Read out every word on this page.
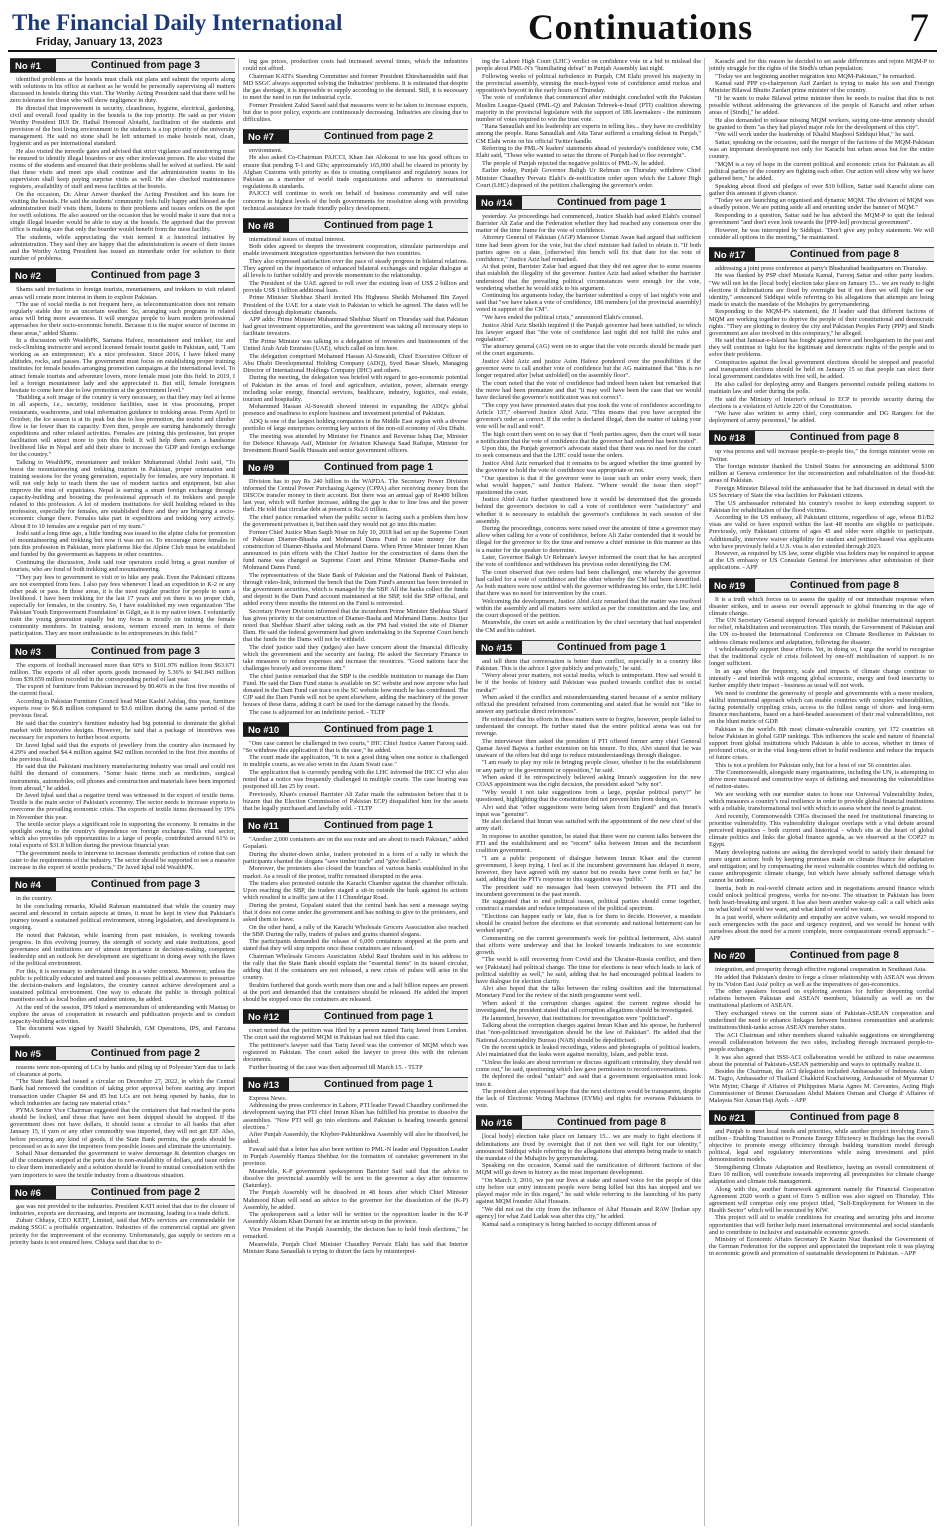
The Financial Daily International
Friday, January 13, 2023	Continuations	7
No #1	Continued from page 3

identified problems at the hostels must chalk out plans and submit the reports along with solutions in his office at earliest as he would be personally supervising all matters discussed in hostels during this visit. The Worthy Acting President said that there will be zero tolerance for those who will show negligence in duty.

He directed that improvement in security, cleanliness, hygiene, electrical, gardening, civil and overall food quality in the hostels is the top priority. He said as per vision Worthy President IIUI Dr. Hathal Homoud Alotaibi, facilitation of the students and provision of the best living environment to the students is a top priority of the university management. He said no stone shall be left unturned to make hostels neat, clean, hygienic and as per international standard.

He also visited the terrestle gates and advised that strict vigilance and monitoring must be ensured to identify illegal boarders or any other irrelevant person. He also visited the rooms of the students and ensured that their problems shall be solved at earliest. He said that these visits and meet ups shall continue and the administration teams in his supervision shall keep paying surprise visits as well. He also checked maintenance registers, availability of staff and mess facilities at the hostels.

On the occasion, Dr. Abrar Anwer thanked the Acting President and his team for visiting the hostels. He said the students' community feels fully happy and blessed as the administration itself visits them, listens to their problems and issues orders on the spot for swift solutions. He also assured on the occasion that he would make it sure that not a single illegal boarder would be able to stay at the hostels. He apprised that the provost office is making sure that only the boarder would benefit from the mess facility.

The students, while appreciating the visit termed it a historical initiative by administration. They said they are happy that the administration is aware of their issues and the Worthy Acting President has issued an immediate order for solution to their number of problems.

No #2	Continued from page 3

Shams said invitations to foreign tourists, mountaineers, and trekkers to visit related areas will create more interest in them to explore Pakistan.

"The use of social media is not frequent here, as telecommunication does not remain regularly stable due to an uncertain weather. So, arranging such programs in related areas will bring more awareness. It will energize people to learn modern professional approaches for their socio-economic benefit. Because it is the major source of income in these areas," added Shams.

In a discussion with WealthPK, Samana Hafeez, mountaineer and trekker, ice and rock-climbing instructor and second licensed female tourist guide in Pakistan, said, "I am working as an entrepreneur; it's a nice profession. Since 2016, I have hiked many altitudes, rocks, and passes. The government must focus on establishing proper training institutes for female besides arranging promotion campaigns at the international level. To attract female tourists and adventure lovers, more female must join this field. In 2019, I led a foreign mountaineer lady and she appreciated it. But still, female foreigners hesitate to come here due to low promotion at the government level."

"Building a soft image of the country is very necessary, so that they may feel at home in all aspects, i.e., security, residence facilities, ease in visa processing, proper restaurants, washrooms, and total information guidance to trekking areas. From April to October, the ice season is at its peak but due to less promotion, the tourist and climber flow is far lower than its capacity. Even then, people are earning handsomely through expeditions and other related activities. Females are joining this profession, but proper facilitation will attract more to join this field. It will help them earn a handsome livelihood like in Nepal and add their share to increase the GDP and foreign exchange for the country."

Talking to WealthPK, mountaineer and trekker Muhammad Abdul Joshi said, "To boost the mountaineering and trekking tourism in Pakistan, proper orientation and training sessions for the young generation, especially for females, are very important. It will not only help to teach them the use of modern tactics and equipment, but also improve the trust of expatriates. Nepal is earning a smart foreign exchange through capacity-building and boosting the professional approach of its trekkers and people related to this profession. A lot of modern institutions for skill building related to this profession, especially for females, are established there and they are bringing a socio-economic change there. Females take part in expeditions and trekking very actively. About 8 to 10 females are a regular part of my team."

Joshi said a long time ago, a little funding was issued to the alpine clubs for promotion of mountaineering and trekking but now it was not so. To encourage more females to join this profession in Pakistan, more platforms like the Alpine Club must be established and funded by the government as happens in other countries.

Continuing the discussion, Joshi said tour operators could bring a great number of tourists, who are fond of both trekking and mountaineering.

"They pay fees to government to visit or to hike any peak. Even the Pakistani citizens are not exempted from fees. I also pay fees whenever I lead an expedition to K-2 or any other peak or pass. In those areas, it is the most regular practice for people to earn a livelihood. I have been trekking for the last 17 years and yet there is no proper club, especially for females, in the country. So, I have established my own organization 'The Pakistan Youth Empowerment Foundation' in Gilgit, as it is my native town. I voluntarily train the young generation equally but my focus is mostly on training the female community members. In training sessions, women exceed men in terms of their participation. They are more enthusiastic to be entrepreneurs in this field."

No #3	Continued from page 3

The exports of football increased more than 60% to $101.976 million from $63.671 million. The exports of all other sports goods increased by 5.36% to $41.843 million from $39.659 million recorded in the corresponding period of last year.

The export of furniture from Pakistan increased by 80.46% in the first five months of the current fiscal.

According to Pakistan Furniture Council head Mian Kashif Ashfaq, this year, furniture exports rose to $6.8 million compared to $3.6 million during the same period of the previous fiscal.

He said that the country's furniture industry had big potential to dominate the global market with innovative designs. However, he said that a package of incentives was necessary for exporters to further boost exports.

Dr Javed Iqbal said that the exports of jewellery from the country also increased by 4.29% and reached $4.4 million against $42 million recorded in the first five months of the previous fiscal.

He said that the Pakistani machinery manufacturing industry was small and could not fulfil the demand of consumers. "Some basic items such as medicines, surgical instruments, automobiles, cell phones and construction and materials have been imported from abroad," he added.

Dr Javed Iqbal said that a negative trend was witnessed in the export of textile items. Textile is the main sector of Pakistan's economy. The sector needs to increase exports to overcome the prevailing economic crisis. The exports of textile items decreased by 19% in November this year.

The textile sector plays a significant role in supporting the economy. It remains in the spotlight owing to the country's dependence on foreign exchange. This vital sector, which also provides job opportunities to a large of people, contributed around 61% to total exports of $31.8 billion during the previous financial year.

"The government needs to intervene to increase domestic production of cotton that can cater to the requirements of the industry. The sector should be supported to see a massive increase in the export of textile products," Dr Javed Iqbal told WealthPK.

No #4	Continued from page 3

in the country.

In the concluding remarks, Khalid Rahman maintained that while the country may ascend and descend in certain aspects at times, it must be kept in view that Pakistan's journey toward a sustained political environment, strong legislation, and development is ongoing.

He noted that Pakistan, while learning from past mistakes, is working towards progress. In this evolving journey, the strength of society and state institutions, good governance and institutions are of utmost importance in decision-making, competent leadership and an outlook for development are significant in doing away with the flaws of the political environment.

For this, it is necessary to understand things in a wider context. Moreover, unless the public is politically educated and trained and possesses political awareness to pressurize the decision-makers and legislators, the country cannot achieve development and a sustained political environment. One way to educate the public is through political manifesto such as local bodies and student unions, he added.

At the end of the session, IPS inked a memorandum of understanding with Mantaq to explore the areas of cooperation in research and publication projects and to conduct capacity-building activities.

The document was signed by Naufil Shahrukh, GM Operations, IPS, and Farzana Yaqoob.

No #5	Continued from page 2

reasons were non-opening of LCs by banks and piling up of Polyester Yarn due to lack of clearance at ports.

"The State Bank had issued a circular on December 27, 2022, in which the Central Bank had removed the condition of taking prior approval before starting any import transaction under Chapter 84 and 85 but LCs are not being opened by banks, due to which industries are facing raw material crisis."

PYMA Senior Vice Chairman suggested that the containers that had reached the ports should be locked, and those that have not been shipped should be stopped. If the government does not have dollars, it should issue a circular to all banks that after January 15, if yarn or any other commodity was imported, they will not get EIF. Also, before procuring any kind of goods, if the State Bank permits, the goods should be processed so as to save the importers from possible losses and eliminate the uncertainty.

Sohail Nisar demanded the government to waive demurrage & detention charges on all the containers stopped at the ports due to non-availability of dollars, and issue orders to clear them immediately and a solution should be found to mutual consultation with the yarn importers to save the textile industry from a disastrous situation.

No #6	Continued from page 2

gas was not provided to the industries. President KATI noted that due to the closure of industries, exports are decreasing, and imports are increasing, leading to a trade deficit.

Zubair Chhaya, CEO KETF, Limited, said that MD's services are commendable for making SSGC a profitable organization. Industries of the commercial capital are given priority for the improvement of the economy. Unfortunately, gas supply to sectors on a priority basis is not ensured here. Chhaya said that due to ri-

ing gas prices, production costs had increased several times, which the industries could not afford.

Chairman KATI's Standing Committee and former President Ehteshamuddin said that MD SSGC always supported solving the Industries' problems. It is estimated that despite the gas shortage, it is impossible to supply according to the demand. Still, it is necessary to meet the need to run the industrial cycle.

Former President Zahid Saeed said that measures were to be taken to increase exports, but due to poor policy, exports are continuously decreasing. Industries are closing due to difficulties.

No #7	Continued from page 2

environment.

He also asked Co-Chairman PAJCCI, Khan Jan Alokozai to use his good offices to ensure that pending T-1 and GDs; approximately 165,000 shall be cleared in priority by Afghan Customs with priority as this is creating compliance and regulatory issues for Pakistan as a member of world trade organizations and adheres to international regulations & standards.

PAJCCI will continue to work on behalf of business community and will raise concerns to highest levels of the both governments for resolution along with providing technical assistance for trade friendly policy development.

No #8	Continued from page 1

international issues of mutual interest.

Both sides agreed to deepen the investment cooperation, stimulate partnerships and enable investment integration opportunities between the two countries.

They also expressed satisfaction over the pace of steady progress in bilateral relations. They agreed on the importance of enhanced bilateral exchanges and regular dialogue at all levels to further solidify and provide momentum to the relationship.

The President of the UAE agreed to roll over the existing loan of US$ 2 billion and provide US$ 1 billion additional loan.

Prime Minister Shehbaz Sharif invited His Highness Sheikh Mohamed Bin Zayed President of the UAE for a state visit to Pakistan to which he agreed. The dates will be decided through diplomatic channels.

APP adds: Prime Minister Muhammad Shehbaz Sharif on Thursday said that Pakistan had great investment opportunities, and the government was taking all necessary steps to facilitate investors.

The Prime Minister was talking to a delegation of investors and businessmen of the United Arab Arab Emirates (UAE), which called on him here.

The delegation comprised Mohamed Hassan Al-Suwaidi, Chief Executive Officer of Abu Dhabi Developmental Holding Company (ADQ), Syed Basar Shueb, Managing Director of International Holdings Company (IHC) and others.

During the meeting, the delegation was briefed with regard to geo-economic potential of Pakistan in the areas of food and agriculture, aviation, power, alternate energy including solar energy, financial services, healthcare, industry, logistics, real estate, tourism and hospitality.

Mohammed Hassan Al-Suwaidi showed interest in expanding the ADQ's global presence and readiness to explore business and investment potential of Pakistan.

ADQ is one of the largest holding companies in the Middle East region with a diverse portfolio of large enterprises covering key sectors of the non-oil economy of Abu Dhabi.

The meeting was attended by Minister for Finance and Revenue Ishaq Dar, Minister for Defence Khawaja Asif, Minister for Aviation Khawaja Saad Rafique, Minister for Investment Board Saalik Hussain and senior government officers.

No #9	Continued from page 1

Division has to pay Rs 240 billion to the WAPDA. The Secretary Power Division informed the Central Power Purchasing Agency (CPPA) after receiving money from the DISCOs transfer money in their account. But there was an annual gap of Rs400 billion last year, which will further increase, adding the gap is due to line loss and the power theft. He told that circular debt at present is Rs2.6 trillion.

The chief justice remarked when the public sector is facing such a problem then how the government privatises it, but then said they would not go into this matter.

Former Chief Justice Mian Saqib Nisar on July 10, 2018 had set up the Supreme Court of Pakistan Diamer-Bhasha and Mohmand Dams Fund to raise money for the construction of Diamer-Bhasha and Mohmand Dams. When Prime Minister Imran Khan announced to join efforts with the Chief Justice for the construction of dams then the fund name was changed as Supreme Court and Prime Minister Diamer-Basha and Mohmand Dams Fund.

The representatives of the State Bank of Pakistan and the National Bank of Pakistan, through video-link, informed the bench that the Dam Fund's amount has been invested in the government securities, which is managed by the SBP. All the banks collect the funds and deposit in the Dam Fund account maintained at the SBP, told the SBP official, and added every three months the interest on the Fund is reinvested.

Secretary Power Division informed that the incumbent Prime Minister Shehbaz Sharif has given priority to the construction of Diamer-Basha and Mohmand Dams. Justice Ijaz noted that Shehbaz Sharif after taking oath as the PM had visited the site of Diamer Dam. He said the federal government had given undertaking to the Supreme Court bench that the funds for the Dams will not be withheld.

The chief justice said they (judges) also have concern about the financial difficulty which the government and the security are facing. He asked the Secretary Finance to take measures to reduce expenses and increase the resources. "Good nations face the challenges bravely and overcome them."

The chief justice remarked that the SBP is the credible institution to manage the Dam Fund. He said the Dam Fund status is available on SC website and now anyone who had donated in the Dam Fund can trace on the SC website how much he has contributed. The CJP said the Dam Funds will not be spent elsewhere, adding the machinery of the power houses of these dams, adding it can't be used for the damage caused by the floods.

The case is adjourned for an indefinite period. - TLTP

No #10	Continued from page 1

"One case cannot be challenged in two courts," IHC Chief Justice Aamer Farooq said. "So withdraw this application if that is the case," he added.

The court made the application, "It is not a good thing when one notice is challenged in multiple courts, as we also wrote in the Azam Swati case."

The application that is currently pending with the LHC informed the IHC CJ who also noted that a notice was frequently challenged in multiple courts. The case hearing was postponed till Jan 25 by court.

Previously, Khan's counsel Barrister Ali Zafar made the submission before that it is bizarre that the Election Commission of Pakistan ECP) disqualified him for the assets that he legally purchased and lawfully sold. - TLTP

No #11	Continued from page 1

"Another 2,000 containers are on the sea route and are about to reach Pakistan," added Gopalani.

During the shutter-down strike, traders protested in a form of a rally in which the participants chanted the slogans "save timber trade" and "give dollars".

Moreover, the protesters also closed the branches of various banks established in the market. As a result of the protest, traffic remained disrupted in the area.

The traders also protested outside the Karachi Chamber against the chamber officials. Upon reaching the SBP, the traders staged a sit-in outside the bank against its actions which resulted in a traffic jam at the I I Chundrigar Road.

During the protest, Gopalani stated that the central bank has sent a message saying that it does not come under the government and has nothing to give to the protesters, and asked them to leave.

On the other hand, a rally of the Karachi Wholesale Grocers Association also reached the SBP. During the rally, traders of pulses and grains chanted slogans.

The participants demanded the release of 6,000 containers stopped at the ports and stated that they will stop imports once these containers are released.

Chairman Wholesale Grocers Association Abdul Rauf Ibrahim said in his address to the rally that the State Bank should explain the "essential items" in its issued circular, adding that if the containers are not released, a new crisis of pulses will arise in the country.

Ibrahim furthered that goods worth more than one and a half billion rupees are present at the port and demanded that the containers should be released. He added the import should be stopped once the containers are released.

No #12	Continued from page 1

court noted that the petition was filed by a person named Tariq Javed from London. The court said the registered MQM in Pakistan had not filed this case.

The petitioner's lawyer said that Tariq Javed was the convenor of MQM which was registered in Pakistan. The court asked the lawyer to prove this with the relevant documents.

Further hearing of the case was then adjourned till March 15. - TLTP

No #13	Continued from page 1

Express News.

Addressing the press conference in Lahore, PTI leader Fawad Chaudhry confirmed the development saying that PTI chief Imran Khan has fulfilled his promise to dissolve the assemblies. "Now PTI will go into elections and Pakistan is heading towards general elections."

After Punjab Assembly, the Khyber-Pakhtunkhwa Assembly will also be dissolved, he added.

Fawad said that a letter has also been written to PML-N leader and Opposition Leader in Punjab Assembly Hamza Shehbaz for the formation of caretaker government in the province.

Meanwhile, K-P government spokesperson Barrister Saif said that the advice to dissolve the provincial assembly will be sent to the governor a day after tomorrow (Saturday).

The Punjab Assembly will be dissolved in 48 hours after which Chief Minister Mahmood Khan will send an advice to the governor for the dissolution of the (K-P) Assembly, he added.

The spokesperson said a letter will be written to the opposition leader in the K-P Assembly Akram Khan Durrani for an interim set-up in the province.

Vice President of the Punjab Assembly, the decision has to hold fresh elections," he remarked.

Meanwhile, Punjab Chief Minister Chaudhry Pervaiz Elahi has said that Interior Minister Rana Sanaullah is trying to distort the facts by misinterpret-

ing the Lahore High Court (LHC) verdict on confidence vote in a bid to mislead the people about PML-N's "humiliating defeat" in Punjab Assembly last night.

Following weeks of political turbulence in Punjab, CM Elahi proved his majority in the provincial assembly, winning the much-hyped vote of confidence amid ruckus and opposition's boycott in the early hours of Thursday.

The vote of confidence that commenced after midnight concluded with the Pakistan Muslim League-Quaid (PML-Q) and Pakistan Tehreek-e-Insaf (PTI) coalition showing majority in the provincial legislature with the support of 186 lawmakers - the minimum number of votes required to win the trust vote.

"Rana Sanaullah and his leadership are experts in telling lies... they have no credibility among the people. Rana Sanaullah and Atta Tarar suffered a crushing defeat in Punjab," CM Elahi wrote on his official Twitter handle.

Referring to the PML-N leaders' statements ahead of yesterday's confidence vote, CM Elahi said, "Those who wanted to seize the throne of Punjab had to flee overnight".

The people of Punjab rejected the negative politics of PML-N, he added.

Earlier today, Punjab Governor Baligh Ur Rehman on Thursday withdrew Chief Minister Chaudhry Pervaiz Elahi's de-notification order upon which the Lahore High Court (LHC) disposed of the petition challenging the governor's order.

No #14	Continued from page 1

yesterday. As proceedings had commenced, Justice Shaikh had asked Elahi's counsel Barrister Ali Zafar and the Federation whether they had reached any consensus over the matter of the time frame for the vote of confidence.

Attorney General of Pakistan (AGP) Mansoor Usman Awan had argued that sufficient time had been given for the vote, but the chief minister had failed to obtain it. "If both parties agree on a date, [otherwise] this bench will fix that date for the vote of confidence," Justice Aziz had remarked.

At that point, Barrister Zafar had argued that they did not agree due to some reasons that establish the illegality of the governor. Justice Aziz had asked whether the barrister understood that the prevailing political circumstances were enough for the vote, wondering whether he would stick to his argument.

Continuing his arguments today, the barrister submitted a copy of last night's vote and said that "we have taken a vote of confidence, 186 members [of the provincial assembly] voted in support of the CM".

"We have ended the political crisis," announced Elahi's counsel.

Justice Abid Aziz Sheikh inquired if the Punjab governor had been satisfied, to which his lawyer argued that "the vote of confidence last night did not fulfil the rules and regulations".

The attorney general (AG) went on to argue that the vote records should be made part of the court arguments.

Justice Abid Aziz and justice Asim Hafeez pondered over the possibilities if the governor were to call another vote of confidence but the AG maintained that "this is no longer required after [what unfolded] on the assembly floor".

The court noted that the vote of confidence had indeed been taken but remarked that the move had been premature and that "it may well have been the case that we would have declared the governor's notification was not correct".

"The copy you have presented states that you took the vote of confidence according to Article 137," observed Justice Abid Aziz. "This means that you have accepted the governor's order as correct. If the order is declared illegal, then the matter of taking your vote will be null and void".

The high court then went on to say that if "both parties agree, then the court will issue a notification that the vote of confidence that the governor had ordered has been tested".

Upon this, the Punjab governor's advocate stated that there was no need for the court to seek consensus and that the LHC could issue the orders.

Justice Abid Aziz remarked that it remains to be argued whether the time granted by the governor to hold the vote of confidence was appropriate or not.

"Our question is that if the governor were to issue such an order every week, then what would happen," said Justice Hafeez. "Where would the issue then stop?" questioned the court.

Justice Abid Aziz further questioned how it would be determined that the grounds behind the governor's decision to call a vote of confidence were "satisfactory" and whether it is necessary to establish the governor's confidence in each session of the assembly.

During the proceedings, concerns were raised over the amount of time a governor may allow when calling for a vote of confidence, before Ali Zafar contended that it would be illegal for the governor to fix the time and remove a chief minister in this manner as this is a matter for the speaker to determine.

Later, Governor Baligh Ur Rehman's lawyer informed the court that he has accepted the vote of confidence and withdrawn his previous order denotifying the CM.

The court observed that two orders had been challenged, one whereby the governor had called for a vote of confidence and the other whereby the CM had been denotified. As both matters were now settled with the governor withdrawing his order, the LHC held that there was no need for intervention by the court.

Welcoming the development, Justice Abid Aziz remarked that the matter was resolved within the assembly and all matters were settled as per the constitution and the law, and the court disposed of the petition.

Meanwhile, the court set aside a notification by the chief secretary that had suspended the CM and his cabinet.

No #15	Continued from page 1

and tell them that conversation is better than conflict, especially in a country like Pakistan. This is the advice I give publicly and privately," he said.

"Worry about your matters, not social media, which is unimportant. How sad would it be if the books of history said Pakistan was pushed towards conflict due to social media?"

When asked if the conflict and misunderstanding started because of a senior military official the president refrained from commenting and stated that he would not "like to answer any particular direct references".

He reiterated that his efforts in these matters were to forgive, however, people failed to understand the concept. He further stated that the entire political arena was out for revenge.

The interviewer then asked the president if PTI offered former army chief General Qamar Javed Bajwa a further extension on his tenure. To this, Alvi stated that he was unaware of the offers but did urge to reduce misunderstandings through dialogue.

"I am ready to play my role in bringing people closer, whether it be the establishment or any party or the government or opposition," he said.

When asked if he retrospectively believed asking Imran's suggestion for the new COAS appointment was the right decision, the president asked "why not".

"Why would I not take suggestions from a large, popular political party?" he questioned, highlighting that the constitution did not prevent him from doing so.

Alvi said that "other suggestions were being taken from England" and that Imran's input was "genuine".

He also declared that Imran was satisfied with the appointment of the new chief of the army staff.

In response to another question, he stated that there were no current talks between the PTI and the establishment and no "recent" talks between Imran and the incumbent coalition government.

"I am a public proponent of dialogue between Imran Khan and the current government, I keep trying. I feel as if the incumbent government has delayed it more, however, they have agreed with my stance but no results have come forth so far," he said, adding that the PTI's response to this suggestion was "public."

The president said no messages had been conveyed between the PTI and the incumbent government in the past month.

He suggested that to end political issues, political parties should come together, construct a mandate and reduce temperatures of the political spectrum.

"Elections can happen early or late, that is for them to decide. However, a mandate should be created before the elections so that economic and national betterment can be worked upon".

Commenting on the current government's work for political betterment, Alvi stated that efforts were underway and that he looked towards indicators to see economic growth.

"The world is still recovering from Covid and the Ukraine-Russia conflict, and then we [Pakistan] had political change. The time for elections is near which leads to lack of political stability as well," he said, adding that he had encouraged political leaders to have dialogue for election clarity.

Alvi also hoped that the talks between the ruling coalition and the International Monetary Fund for the review of the ninth programme went well.

When asked if the corruption charges against the current regime should be investigated, the president stated that all corruption allegations should be investigated.

He lamented, however, that institutions for investigation were "politicised".

Talking about the corruption charges against Imran Khan and his spouse, he furthered that "non-politicised investigation should be the law of Pakistan". He added that the National Accountability Bureau (NAB) should be depoliticised.

On the recent uptick in leaked recordings, videos and photographs of political leaders, Alvi maintained that the leaks were against morality, Islam, and public trust.

"Unless the leaks are about terrorism or discuss significant criminality, they should not come out," he said, questioning which law gave permission to record conversations.

He deplored the ordeal "unfair" and said that a government organisation must look into it.

The president also expressed hope that the next elections would be transparent, despite the lack of Electronic Voting Machines (EVMs) and rights for overseas Pakistanis to vote.

No #16	Continued from page 8

[local body] election take place on January 15... we are ready to fight elections if delimitations are fixed by overnight that if not then we will fight for our identity," announced Siddiqui while referring to the allegations that attempts being made to snatch the mandate of the Muhajirs by gerrymandering.

Speaking on the occasion, Kamal said the ramification of different factions of the MQM will go down in history as the most important development.

"On March 3, 2016, we put our lives at stake and raised voice for the people of this city before our entry innocent people were being killed but this has stopped and we played major role in this regard," he said while referring to the launching of his party against MQM founder Altaf Hussain.

"We did not eat the city from the influence of Altaf Hussain and RAW [Indian spy agency] for what Zaid Ladak was after this city," he added.

Kamal said a conspiracy is being hatched to occupy different areas of

Karachi and for this reason he decided to set aside differences and rejoin MQM-P to jointly struggle for the rights of the Sindh's urban population.

"Today we are beginning another migration into MQM-Pakistan," he remarked.

Kamal said PPP co-chairperson Asif Zardari is trying to make his son and Foreign Minister Bilawal Bhutto Zardari prime minister of the country.

"If he wants to make Bilawal prime minister then he needs to realise that this is not possible without addressing the grievances of the people of Karachi and other urban areas of [Sindh]," he added.

He also demanded to release missing MQM workers, saying one-time amnesty should be granted to them "as they had played major role for the development of this city".

"We will work under the leadership of Khalid Maqbool Siddiqui bhai," he said.

Sattar, speaking on the occasion, said the merger of the factions of the MQM-Pakistan was an important development not only for Karachi but urban areas but for the entire country.

"MQM is a ray of hope in the current political and economic crisis for Pakistan as all political parties of the country are fighting each other. Our action will show why we have gathered here," he added.

Speaking about flood aid pledges of over $10 billion, Sattar said Karachi alone can gather this amount if given chance.

"Today we are launching an organised and dynamic MQM. The division of MQM was a deadly poison. We are putting aside all and reuniting under the banner of MQM."

Responding to a question, Sattar said he has advised the MQM-P to quit the federal government "and don't even look towards the [PPP-led] provincial government".

However, he was interrupted by Siddiqui. "Don't give any policy statement. We will consider all options in the meeting," he maintained.

No #17	Continued from page 8

addressing a joint press conference at party's Bhadurabad headquarters on Thursday.

He was flanked by PSP chief Mustafa Kamal, Farooq Sattar and other party leaders. "We will not let the [local body] election take place on January 15... we are ready to fight elections if delimitations are fixed by overnight but if not then we will fight for our identity," announced Siddiqui while referring to his allegations that attempts are being made to snatch the mandate of the Mohajirs by gerrymandering.

Responding to the MQM-P's statement, the JI leader said that different factions of MQM are working together to deprive the people of their constitutional and democratic rights. "They are plotting to destroy the city and Pakistan Peoples Party (PPP) and Sindh government are also involved in this conspiracy," he alleged.

He said that Jamaat-e-Islami has fought against terror and hooliganism in the past and they will continue to fight for the legitimate and democratic rights of the people and to solve their problems.

Conspiracies against the local government elections should be stopped and peaceful and transparent elections should be held on January 15 so that people can elect their local government candidates with free will, he added.

He also called for deploying army and Rangers personnel outside polling stations to maintain law and order during the polls.

He said the Ministry of Interior's refusal to ECP to provide security during the elections is a violation of Article 220 of the Constitution.

"We have also written to army chief, corp commander and DG Rangers for the deployment of army personnel," he added.

No #18	Continued from page 8

up visa process and will increase people-to-people ties," the foreign minister wrote on Twitter.

The foreign minister thanked the United States for announcing an additional $100 million at Geneva conference for the reconstruction and rehabilitation of the flood-hit areas of Pakistan.

Foreign Minister Bilawal told the ambassador that he had discussed in detail with the US Secretary of State the visa facilities for Pakistani citizens.

The US ambassador reiterated his country's resolve to keep extending support to Pakistan for rehabilitation of the flood victims.

According to the US embassy, all Pakistani citizens, regardless of age, whose B1/B2 visas are valid or have expired within the last 48 months are eligible to participate. Previously, only Pakistani citizens of ages 45 and older were eligible to participate. Additionally, interview waiver eligibility for student and petition-based visa applicants who have previously held a U.S. visa is also extended through 2023.

However, as required by US law, some eligible visa holders may be required to appear at the US embassy or US Consulate General for interviews after submission of their applications. - APP

No #19	Continued from page 8

It is a truth which forces us to assess the quality of our immediate response when disaster strikes, and to assess our overall approach to global financing in the age of climate change.

The UN Secretary General stepped forward quickly to mobilise international support for relief, rehabilitation and reconstruction. This month, the Government of Pakistan and the UN co-hosted the International Conference on Climate Resilience in Pakistan to address climate resilience and adaptation, following the disaster.

I wholeheartedly support these efforts. Yet, in doing so, I urge the world to recognise that the traditional cycle of crisis followed by one-off mobilisation of support is no longer sufficient.

In an age when the frequency, scale and impacts of climate change continue to intensify - and interlink with ongoing global economic, energy and food insecurity to further amplify their impact - business as usual will not work.

We need to combine the generosity of people and governments with a more modern, skilful international approach which can enable countries with complex vulnerabilities, facing potentially crippling crisis, access to the fullest range of short- and long-term finance mechanisms, based on a hard-headed assessment of their real vulnerabilities, not on the blunt metric of GDP.

Pakistan is the world's 8th most climate-vulnerable country, yet 172 countries sit below Pakistan in global GDP rankings. This influences the scale and nature of financial support from global institutions which Pakistan is able to access, whether in times of profound crisis, or in the vital long-term effort to build resilience and reduce the impacts of future crises.

This is not a problem for Pakistan only, but for a host of our 56 countries also.

The Commonwealth, alongside many organisations, including the UN, is attempting to drive more nuanced and constructive ways of defining and measuring the vulnerabilities of nation-states.

We are working with our member states to hone our Universal Vulnerability Index, which measures a country's real resilience in order to provide global financial institutions with a reliable, transformational tool with which to assess where the need is greatest.

And recently, Commonwealth CHGs discussed the need for institutional financing to prioritise vulnerability. This vulnerability dialogue overlaps with a vital debate around perceived injustices - both current and historical - which sits at the heart of global climate politics and links the global finance agenda, as we observed at the COP27 in Egypt.

Many developing nations are asking the developed world to satisfy their demand for more urgent action: both by keeping promises made on climate finance for adaptation and mitigation; and by compensating the most vulnerable countries which did nothing to cause anthropogenic climate change, but which have already suffered damage which cannot be undone.

Inertia, both in real-world climate action and in negotiations around finance which could unlock political progress, works for no-one. The situation in Pakistan has been both heart-breaking and urgent. It has also been another wake-up call: a call which asks us what kind of world we want, and what kind of world we want.

In a just world, where solidarity and empathy are active values, we would respond to such emergencies with the pace and urgency required, and we would be honest with ourselves about the need for a more complete, more compassionate overall approach." - APP

No #20	Continued from page 8

integration, and prosperity through effective regional cooperation in Southeast Asia.

He added that Pakistan's desire to forge a closer relationship with ASEAN was driven by its 'Vision East Asia' policy as well as the imperatives of geo-economics.

The other speakers focused on exploring avenues for further deepening cordial relations between Pakistan and ASEAN members, bilaterally as well as on the institutional platform of ASEAN.

They exchanged views on the current state of Pakistan-ASEAN cooperation and underlined the need to enhance linkages between business communities and academic institutions/think-tanks across ASEAN member states.

The ACI Chairman and other members shared valuable suggestions on strengthening overall collaboration between the two sides, including through increased people-to-people exchanges.

It was also agreed that ISSI-ACI collaboration would be utilized to raise awareness about the potential of Pakistan-ASEAN partnership and ways to optimally realize it.

Besides the Chairman, the ACI delegation included Ambassador of Indonesia Adam M. Tugio, Ambassador of Thailand Chakkrid Krachaiwong, Ambassador of Myanmar U Win Myint; Charge d' Affaires of Philippines Maria Agnes M. Cervantes, Acting High Commissioner of Brunei Darussalam Abdul Mateen Osman and Charge d' Affaires of Malaysia Nor Aznan Haji Ayob. - APP

No #21	Continued from page 8

and Punjab to meet local needs and priorities, while another project involving Euro 5 million - Enabling Transition to Promote Energy Efficiency in Buildings has the overall objective to promote energy efficiency through building transition model through political, legal and regulatory interventions while using investment and pilot demonstration models.

Strengthening Climate Adaptation and Resilience, having an overall commitment of Euro 10 million, will contribute towards improving all prerequisites for climate change adaptation and climate risk management.

Along with this, another framework agreement namely the Financial Cooperation Agreement 2020 worth a grant of Euro 5 million was also signed on Thursday. This agreement will comprise only one project titled, "Self-Employment for Women in the Health Sector" which will be executed by KfW.

This project will aid to enable conditions for creating and securing jobs and income opportunities that will further help meet international environmental and social standards and to contribute to inclusive and sustainable economic growth.

Ministry of Economic Affairs Secretary Dr Kazim Niaz thanked the Government of the German Federation for the support and appreciated the important role it was playing in economic growth and promotion of sustainable development in Pakistan. - APP
